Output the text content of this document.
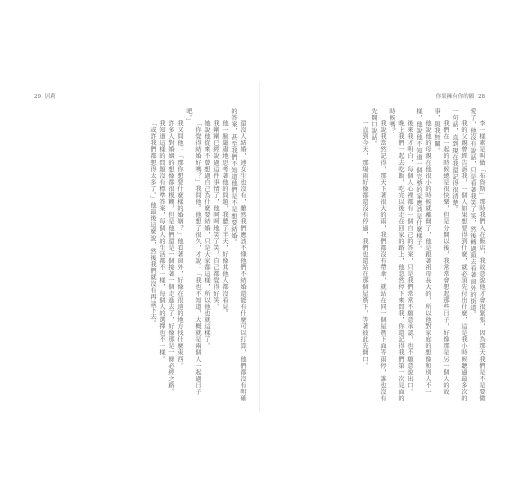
29 居莉	你果擁有你的願 28

還沒人結婚，連女生也沒有，雖然我們應該不懂他們不結婚還能有什麼可以打算，他們都沒有明確的答案，甚至我們不知道他們是不是想要結婚。

他一臉嚴肅地思考著他的問題，我聽了半天，好像其他人都沒看見。

我剛剛已經說過這件事情了，他呵呵地笑了笑，自己都覺得好笑。

她說他從來不曾想過自己為什麼要結婚，只是大家都這樣，所以他也就這樣了。

「你覺得結婚好嗎？」我問他。他想了很久，才說：「我也不知道，大概就是兩個人一起過日子吧。」

我又問他：「那你想要什麼樣的婚姻？」他看著窗外，好像在很遠的地方找什麼東西。

許多人對婚姻的想像都很模糊，但是他們還是一個接著一個走進去了，好像那是一條必經之路。

我知道這樣的問題沒有標準答案，每個人的生活都不一樣，每個人的選擇也不一樣。

「或許我們都想得太多了。」他最後這麼說，然後我們就沒有再談下去。	李一樣素是叫做「布魯斯」那時我們入在飯店，我故意說他才會很緊張，因為那天我們是不是要做愛了，他沒有說話，只是看著我笑了笑，然後轉過頭去看著窗外的街道。

我的父親曾經告訴我，一個人如果想要得到什麼，就必須先付出什麼，這是我小時候聽過最多次的一句話，直到現在我還記得很清楚。

我們在一起的時候總是很快樂，但是分開以後，我常常會想起那些日子，好像那是另一個人的故事，與我無關。

他說他的母親在他很小的時候就離開了，他是跟著祖母長大的，所以他對家庭的想像和別人不一樣，他說他不知道一個完整的家應該是什麼樣子。

後來我才明白，每個人心裡都有一個自己的答案，只是我們常常不願意承認，也不願意說出口。

晚上我們一起去吃飯，吃完以後走在回家的路上，他忽然停下來問我，你還記得我們第一次見面的時候嗎？

我說我當然記得，那天下著很大的雨，我們都沒有帶傘，就站在同一個屋簷下面等雨停，誰也沒有先開口說話。

一直到今天，那場雨好像都還沒有停過，我們也還站在那個屋簷下，等著彼此先開口。
